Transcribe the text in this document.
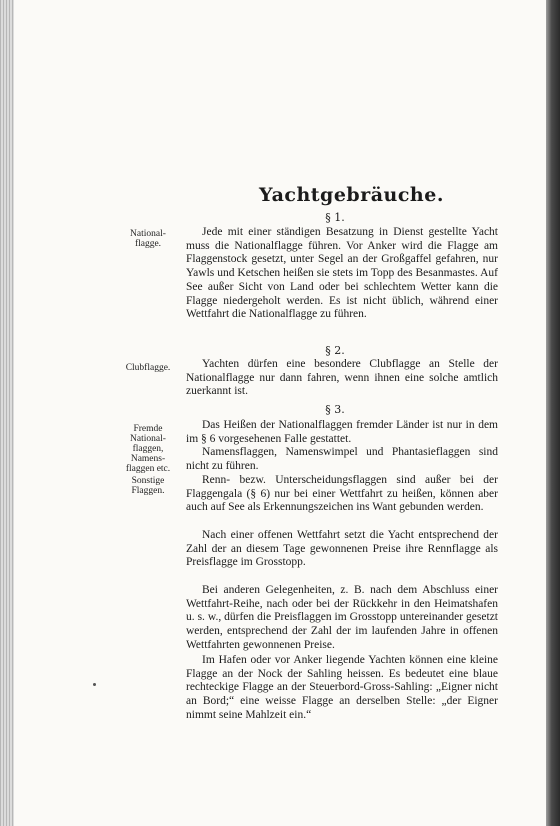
Yachtgebräuche.

§ 1.

National-
flagge.

Jede mit einer ständigen Besatzung in Dienst gestellte Yacht muss die Nationalflagge führen. Vor Anker wird die Flagge am Flaggenstock gesetzt, unter Segel an der Großgaffel gefahren, nur Yawls und Ketschen heißen sie stets im Topp des Besanmastes. Auf See außer Sicht von Land oder bei schlechtem Wetter kann die Flagge niedergeholt werden. Es ist nicht üblich, während einer Wettfahrt die Nationalflagge zu führen.

§ 2.

Clubflagge.	Yachten dürfen eine besondere Clubflagge an Stelle der Nationalflagge nur dann fahren, wenn ihnen eine solche amtlich zuerkannt ist.

§ 3.

Fremde
National-
flaggen,
Namens-
flaggen etc.
Sonstige
Flaggen.

Das Heißen der Nationalflaggen fremder Länder ist nur in dem im § 6 vorgesehenen Falle gestattet.

Namensflaggen, Namenswimpel und Phantasieflaggen sind nicht zu führen.

Renn- bezw. Unterscheidungsflaggen sind außer bei der Flaggengala (§ 6) nur bei einer Wettfahrt zu heißen, können aber auch auf See als Erkennungszeichen ins Want gebunden werden.

Nach einer offenen Wettfahrt setzt die Yacht entsprechend der Zahl der an diesem Tage gewonnenen Preise ihre Rennflagge als Preisflagge im Grosstopp.

Bei anderen Gelegenheiten, z. B. nach dem Abschluss einer Wettfahrt-Reihe, nach oder bei der Rückkehr in den Heimatshafen u. s. w., dürfen die Preisflaggen im Grosstopp untereinander gesetzt werden, entsprechend der Zahl der im laufenden Jahre in offenen Wettfahrten gewonnenen Preise.

Im Hafen oder vor Anker liegende Yachten können eine kleine Flagge an der Nock der Sahling heissen. Es bedeutet eine blaue rechteckige Flagge an der Steuerbord-Gross-Sahling: „Eigner nicht an Bord;“ eine weisse Flagge an derselben Stelle: „der Eigner nimmt seine Mahlzeit ein.“
